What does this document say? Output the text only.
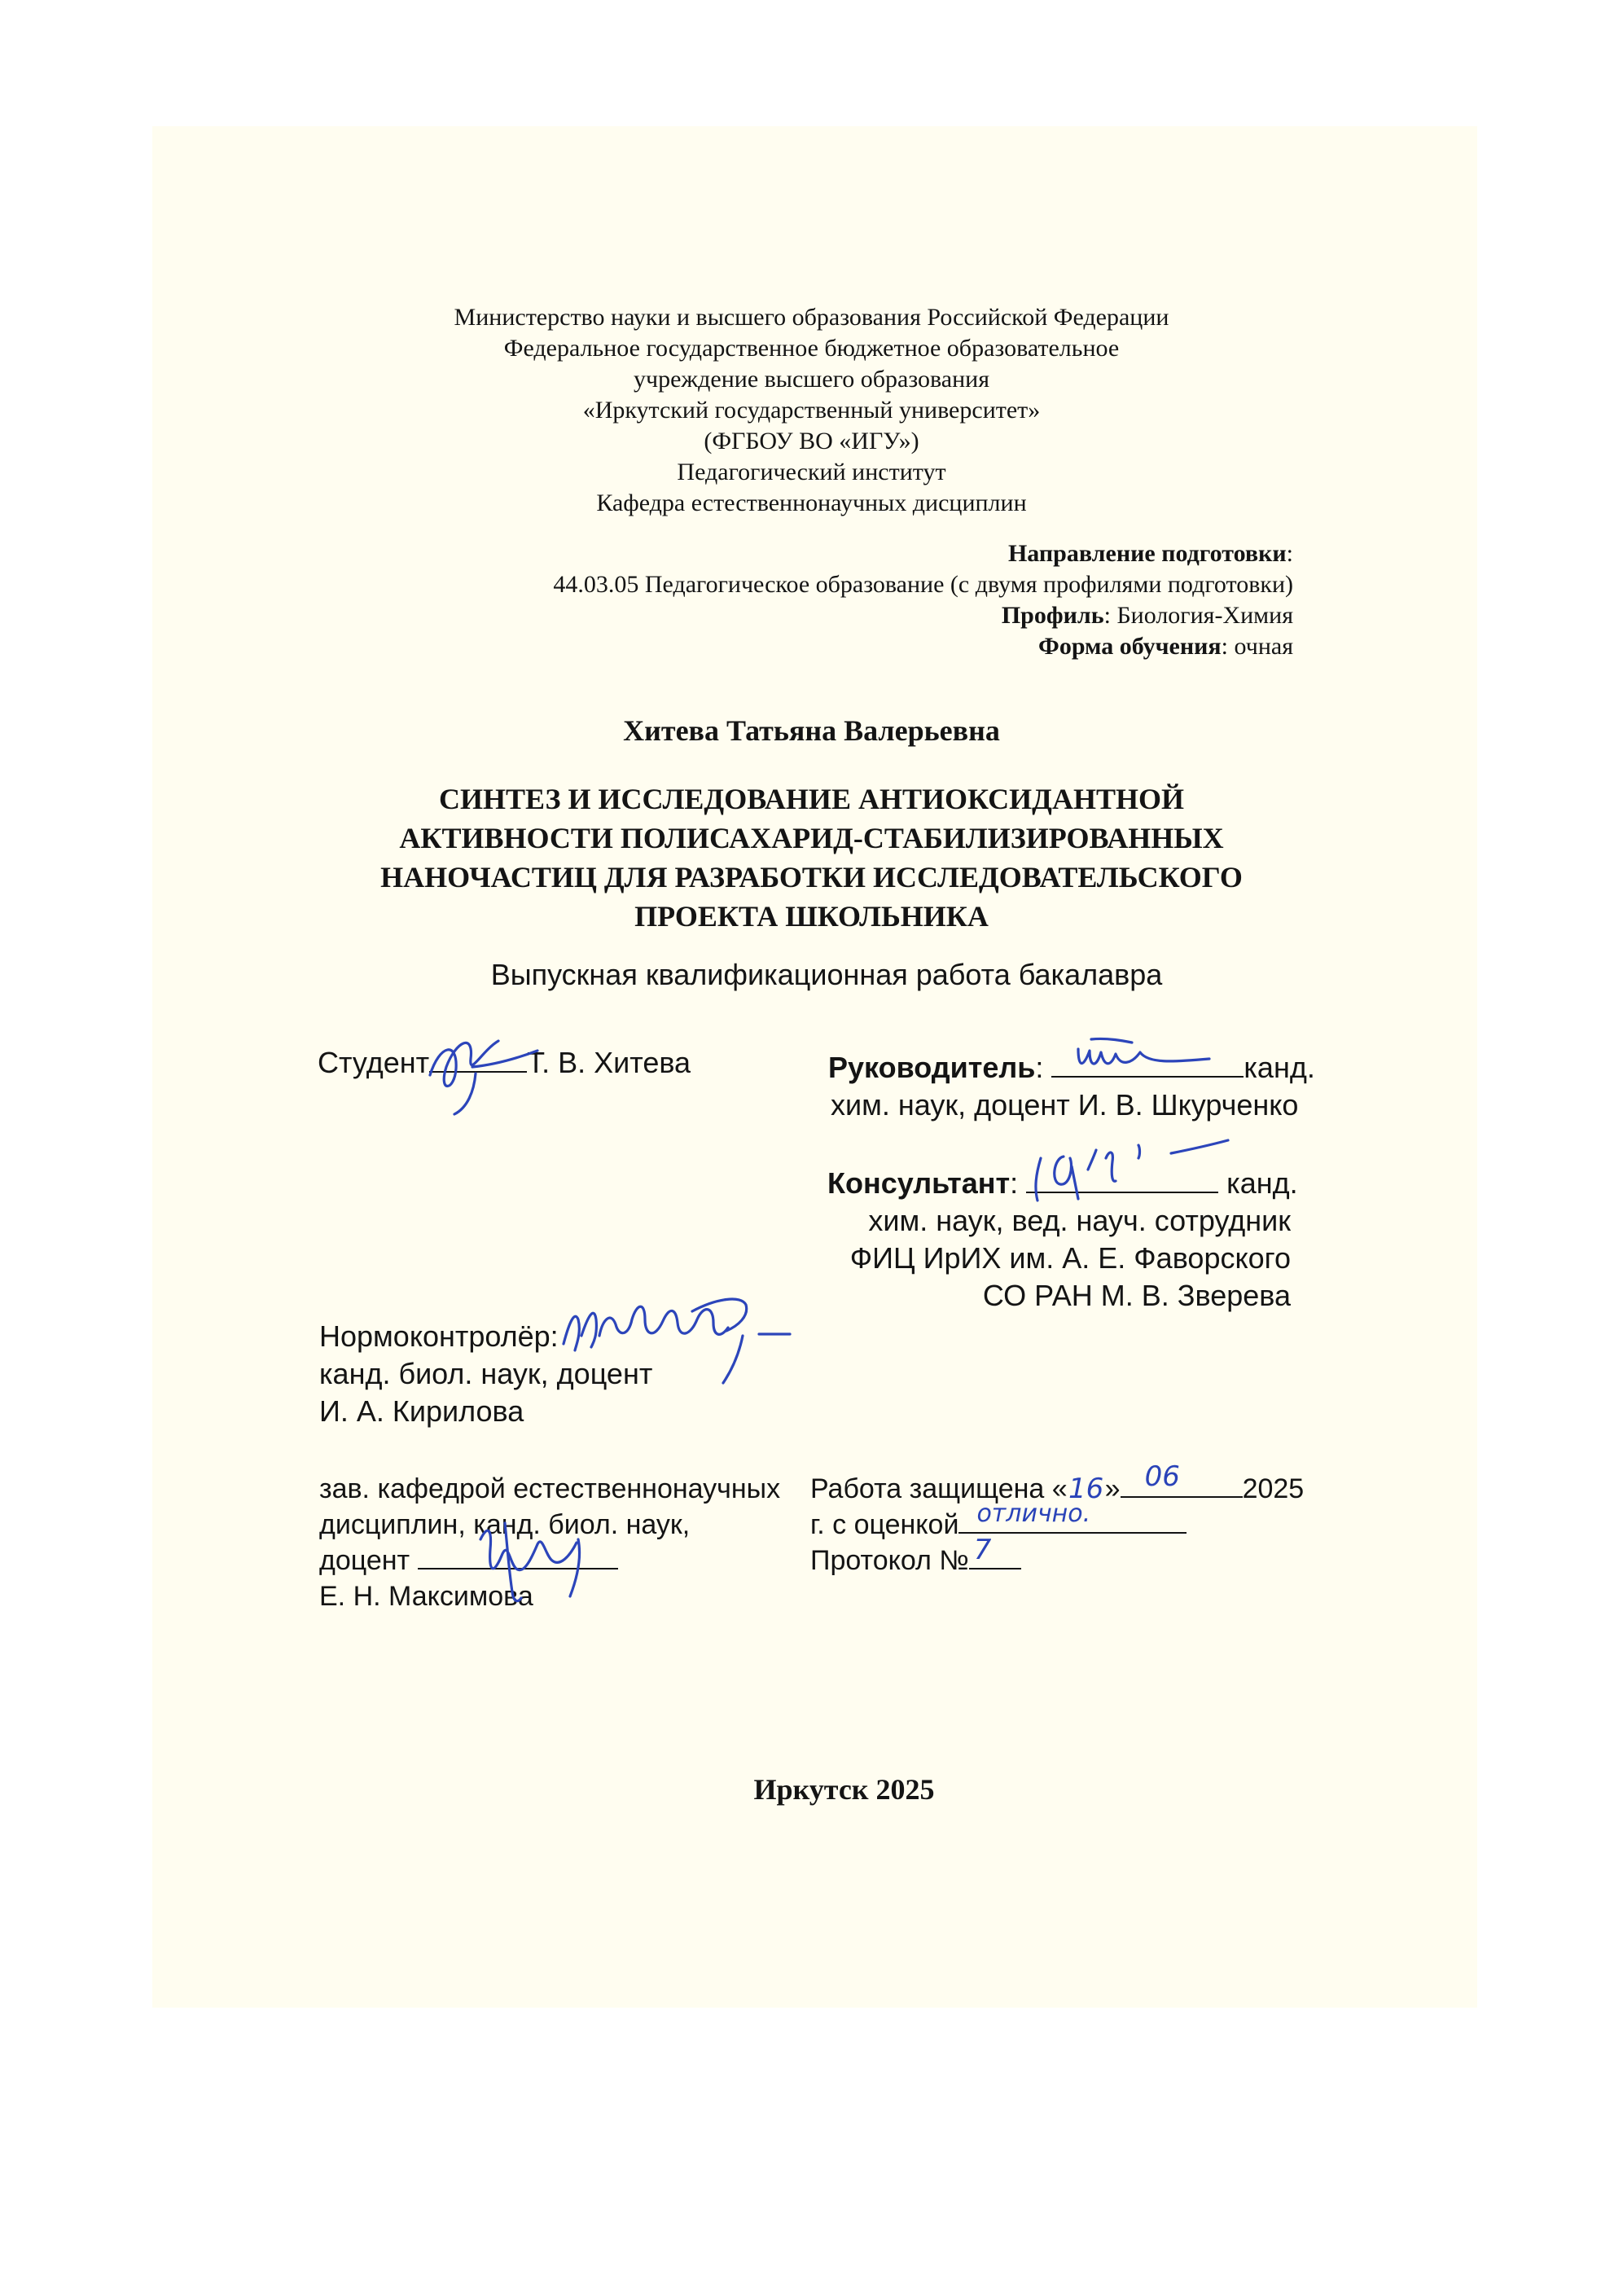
Министерство науки и высшего образования Российской Федерации
Федеральное государственное бюджетное образовательное
учреждение высшего образования
«Иркутский государственный университет»
(ФГБОУ ВО «ИГУ»)
Педагогический институт
Кафедра естественнонаучных дисциплин
Направление подготовки:
44.03.05 Педагогическое образование (с двумя профилями подготовки)
Профиль: Биология-Химия
Форма обучения: очная
Хитева Татьяна Валерьевна
СИНТЕЗ И ИССЛЕДОВАНИЕ АНТИОКСИДАНТНОЙ
АКТИВНОСТИ ПОЛИСАХАРИД-СТАБИЛИЗИРОВАННЫХ
НАНОЧАСТИЦ ДЛЯ РАЗРАБОТКИ ИССЛЕДОВАТЕЛЬСКОГО
ПРОЕКТА ШКОЛЬНИКА
Выпускная квалификационная работа бакалавра
Студент	Т. В. Хитева	Руководитель:	канд.
хим. наук, доцент И. В. Шкурченко
Консультант:	канд.
хим. наук, вед. науч. сотрудник
ФИЦ ИрИХ им. А. Е. Фаворского
СО РАН М. В. Зверева
Нормоконтролёр:
канд. биол. наук, доцент
И. А. Кирилова
зав. кафедрой естественнонаучных
дисциплин, канд. биол. наук,
доцент
Е. Н. Максимова
Работа защищена «16» 06 2025
г. с оценкой отлично.
Протокол № 7
Иркутск 2025
